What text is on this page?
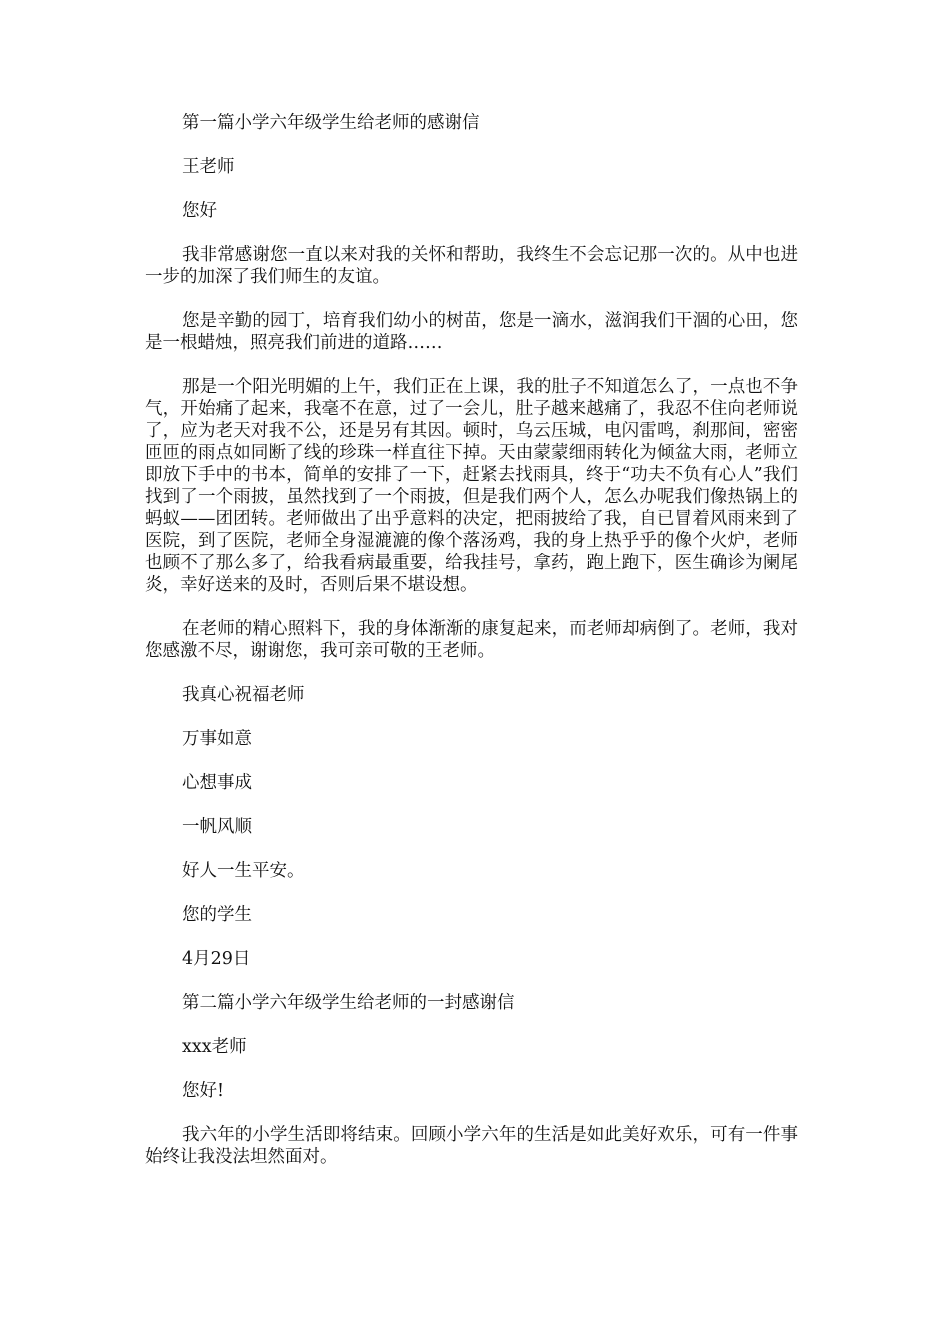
第一篇小学六年级学生给老师的感谢信

王老师

您好

我非常感谢您一直以来对我的关怀和帮助，我终生不会忘记那一次的。从中也进一步的加深了我们师生的友谊。

您是辛勤的园丁，培育我们幼小的树苗，您是一滴水，滋润我们干涸的心田，您是一根蜡烛，照亮我们前进的道路……

那是一个阳光明媚的上午，我们正在上课，我的肚子不知道怎么了，一点也不争气，开始痛了起来，我毫不在意，过了一会儿，肚子越来越痛了，我忍不住向老师说了，应为老天对我不公，还是另有其因。顿时，乌云压城，电闪雷鸣，刹那间，密密匝匝的雨点如同断了线的珍珠一样直往下掉。天由蒙蒙细雨转化为倾盆大雨，老师立即放下手中的书本，简单的安排了一下，赶紧去找雨具，终于“功夫不负有心人”我们找到了一个雨披，虽然找到了一个雨披，但是我们两个人，怎么办呢我们像热锅上的蚂蚁——团团转。老师做出了出乎意料的决定，把雨披给了我，自已冒着风雨来到了医院，到了医院，老师全身湿漉漉的像个落汤鸡，我的身上热乎乎的像个火炉，老师也顾不了那么多了，给我看病最重要，给我挂号，拿药，跑上跑下，医生确诊为阑尾炎，幸好送来的及时，否则后果不堪设想。

在老师的精心照料下，我的身体渐渐的康复起来，而老师却病倒了。老师，我对您感激不尽，谢谢您，我可亲可敬的王老师。

我真心祝福老师

万事如意

心想事成

一帆风顺

好人一生平安。

您的学生

4月29日

第二篇小学六年级学生给老师的一封感谢信

xxx老师

您好!

我六年的小学生活即将结束。回顾小学六年的生活是如此美好欢乐，可有一件事始终让我没法坦然面对。
